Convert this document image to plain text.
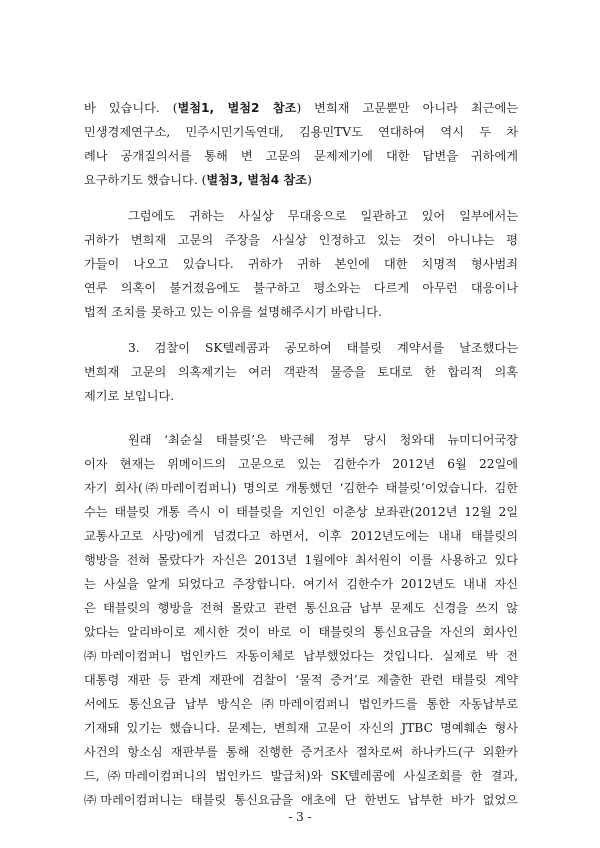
바 있습니다. (별첨1, 별첨2 참조) 변희재 고문뿐만 아니라 최근에는
민생경제연구소, 민주시민기독연대, 김용민TV도 연대하여 역시 두 차
례나 공개질의서를 통해 변 고문의 문제제기에 대한 답변을 귀하에게
요구하기도 했습니다. (별첨3, 별첨4 참조)
그럼에도 귀하는 사실상 무대응으로 일관하고 있어 일부에서는
귀하가 변희재 고문의 주장을 사실상 인정하고 있는 것이 아니냐는 평
가들이 나오고 있습니다. 귀하가 귀하 본인에 대한 치명적 형사범죄
연루 의혹이 불거졌음에도 불구하고 평소와는 다르게 아무런 대응이나
법적 조치를 못하고 있는 이유를 설명해주시기 바랍니다.
3. 검찰이 SK텔레콤과 공모하여 태블릿 계약서를 날조했다는
변희재 고문의 의혹제기는 여러 객관적 물증을 토대로 한 합리적 의혹
제기로 보입니다.
원래 ‘최순실 태블릿’은 박근혜 정부 당시 청와대 뉴미디어국장
이자 현재는 위메이드의 고문으로 있는 김한수가 2012년 6월 22일에
자기 회사(㈜마레이컴퍼니) 명의로 개통했던 ‘김한수 태블릿’이었습니다. 김한
수는 태블릿 개통 즉시 이 태블릿을 지인인 이춘상 보좌관(2012년 12월 2일
교통사고로 사망)에게 넘겼다고 하면서, 이후 2012년도에는 내내 태블릿의
행방을 전혀 몰랐다가 자신은 2013년 1월에야 최서원이 이를 사용하고 있다
는 사실을 알게 되었다고 주장합니다. 여기서 김한수가 2012년도 내내 자신
은 태블릿의 행방을 전혀 몰랐고 관련 통신요금 납부 문제도 신경을 쓰지 않
았다는 알리바이로 제시한 것이 바로 이 태블릿의 통신요금을 자신의 회사인
㈜마레이컴퍼니 법인카드 자동이체로 납부했었다는 것입니다. 실제로 박 전
대통령 재판 등 관계 재판에 검찰이 ‘물적 증거’로 제출한 관련 태블릿 계약
서에도 통신요금 납부 방식은 ㈜마레이컴퍼니 법인카드를 통한 자동납부로
기재돼 있기는 했습니다. 문제는, 변희재 고문이 자신의 JTBC 명예훼손 형사
사건의 항소심 재판부를 통해 진행한 증거조사 절차로써 하나카드(구 외환카
드, ㈜마레이컴퍼니의 법인카드 발급처)와 SK텔레콤에 사실조회를 한 결과,
㈜마레이컴퍼니는 태블릿 통신요금을 애초에 단 한번도 납부한 바가 없었으
- 3 -
